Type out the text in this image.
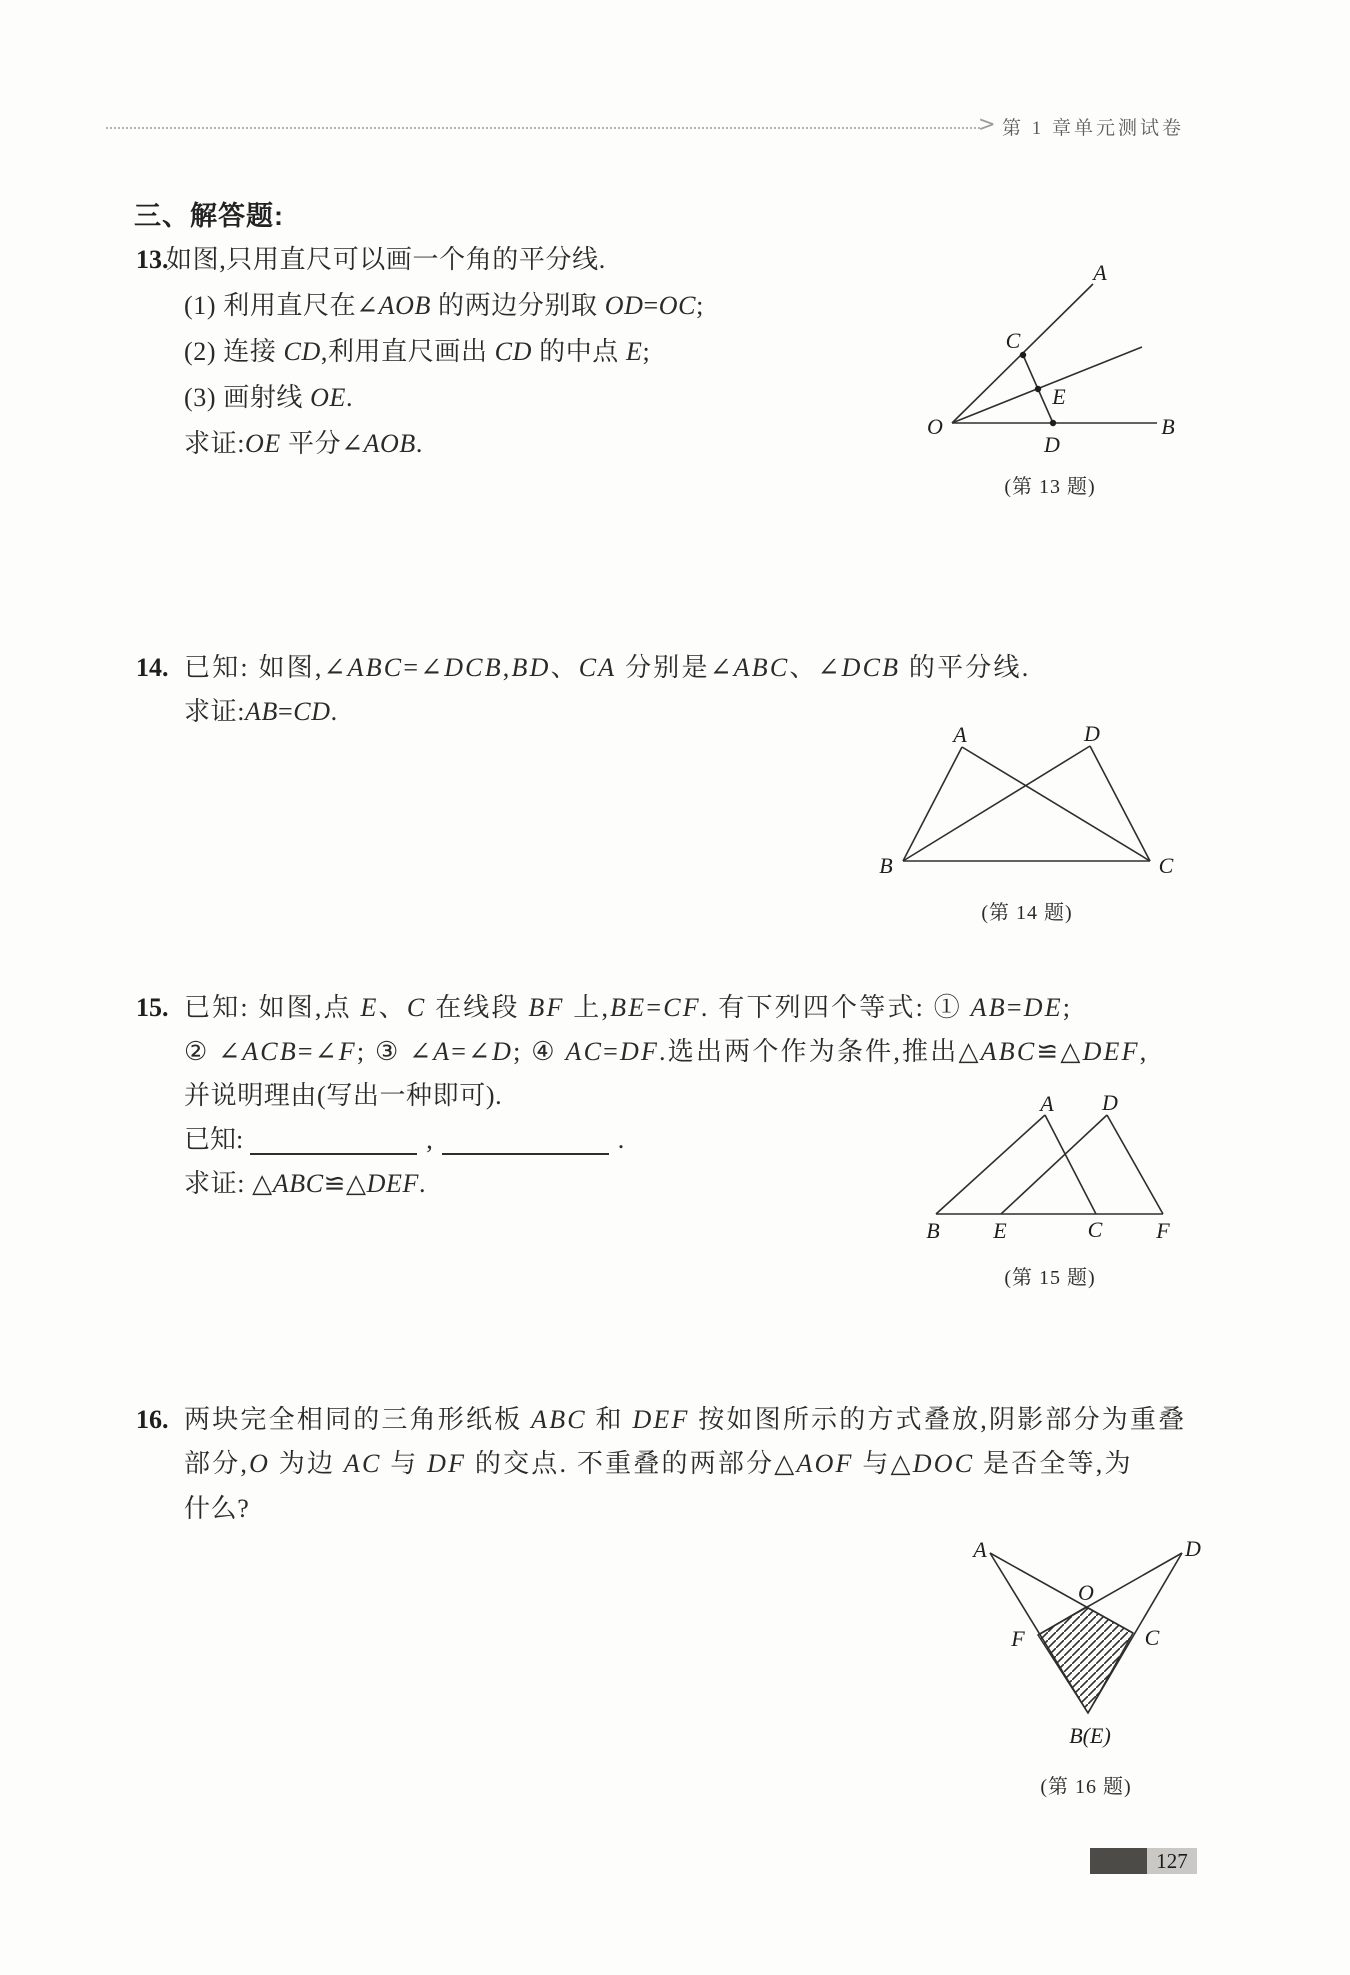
> 第 1 章单元测试卷
三、解答题:
13.
如图,只用直尺可以画一个角的平分线.
(1) 利用直尺在∠AOB 的两边分别取 OD=OC;
(2) 连接 CD,利用直尺画出 CD 的中点 E;
(3) 画射线 OE.
求证:OE 平分∠AOB.
A
C
E
O	B
D
(第 13 题)
14. 已知: 如图,∠ABC=∠DCB,BD、CA 分别是∠ABC、∠DCB 的平分线.
求证:AB=CD.
A	D
B	C
(第 14 题)
15. 已知: 如图,点 E、C 在线段 BF 上,BE=CF. 有下列四个等式: ① AB=DE;
② ∠ACB=∠F; ③ ∠A=∠D; ④ AC=DF.选出两个作为条件,推出△ABC≌△DEF,
并说明理由(写出一种即可).
已知:	,	.
求证: △ABC≌△DEF.
A D
B E	C F
(第 15 题)
16. 两块完全相同的三角形纸板 ABC 和 DEF 按如图所示的方式叠放,阴影部分为重叠
部分,O 为边 AC 与 DF 的交点. 不重叠的两部分△AOF 与△DOC 是否全等,为
什么?
A	D
O
F	C
B(E)
(第 16 题)
127
